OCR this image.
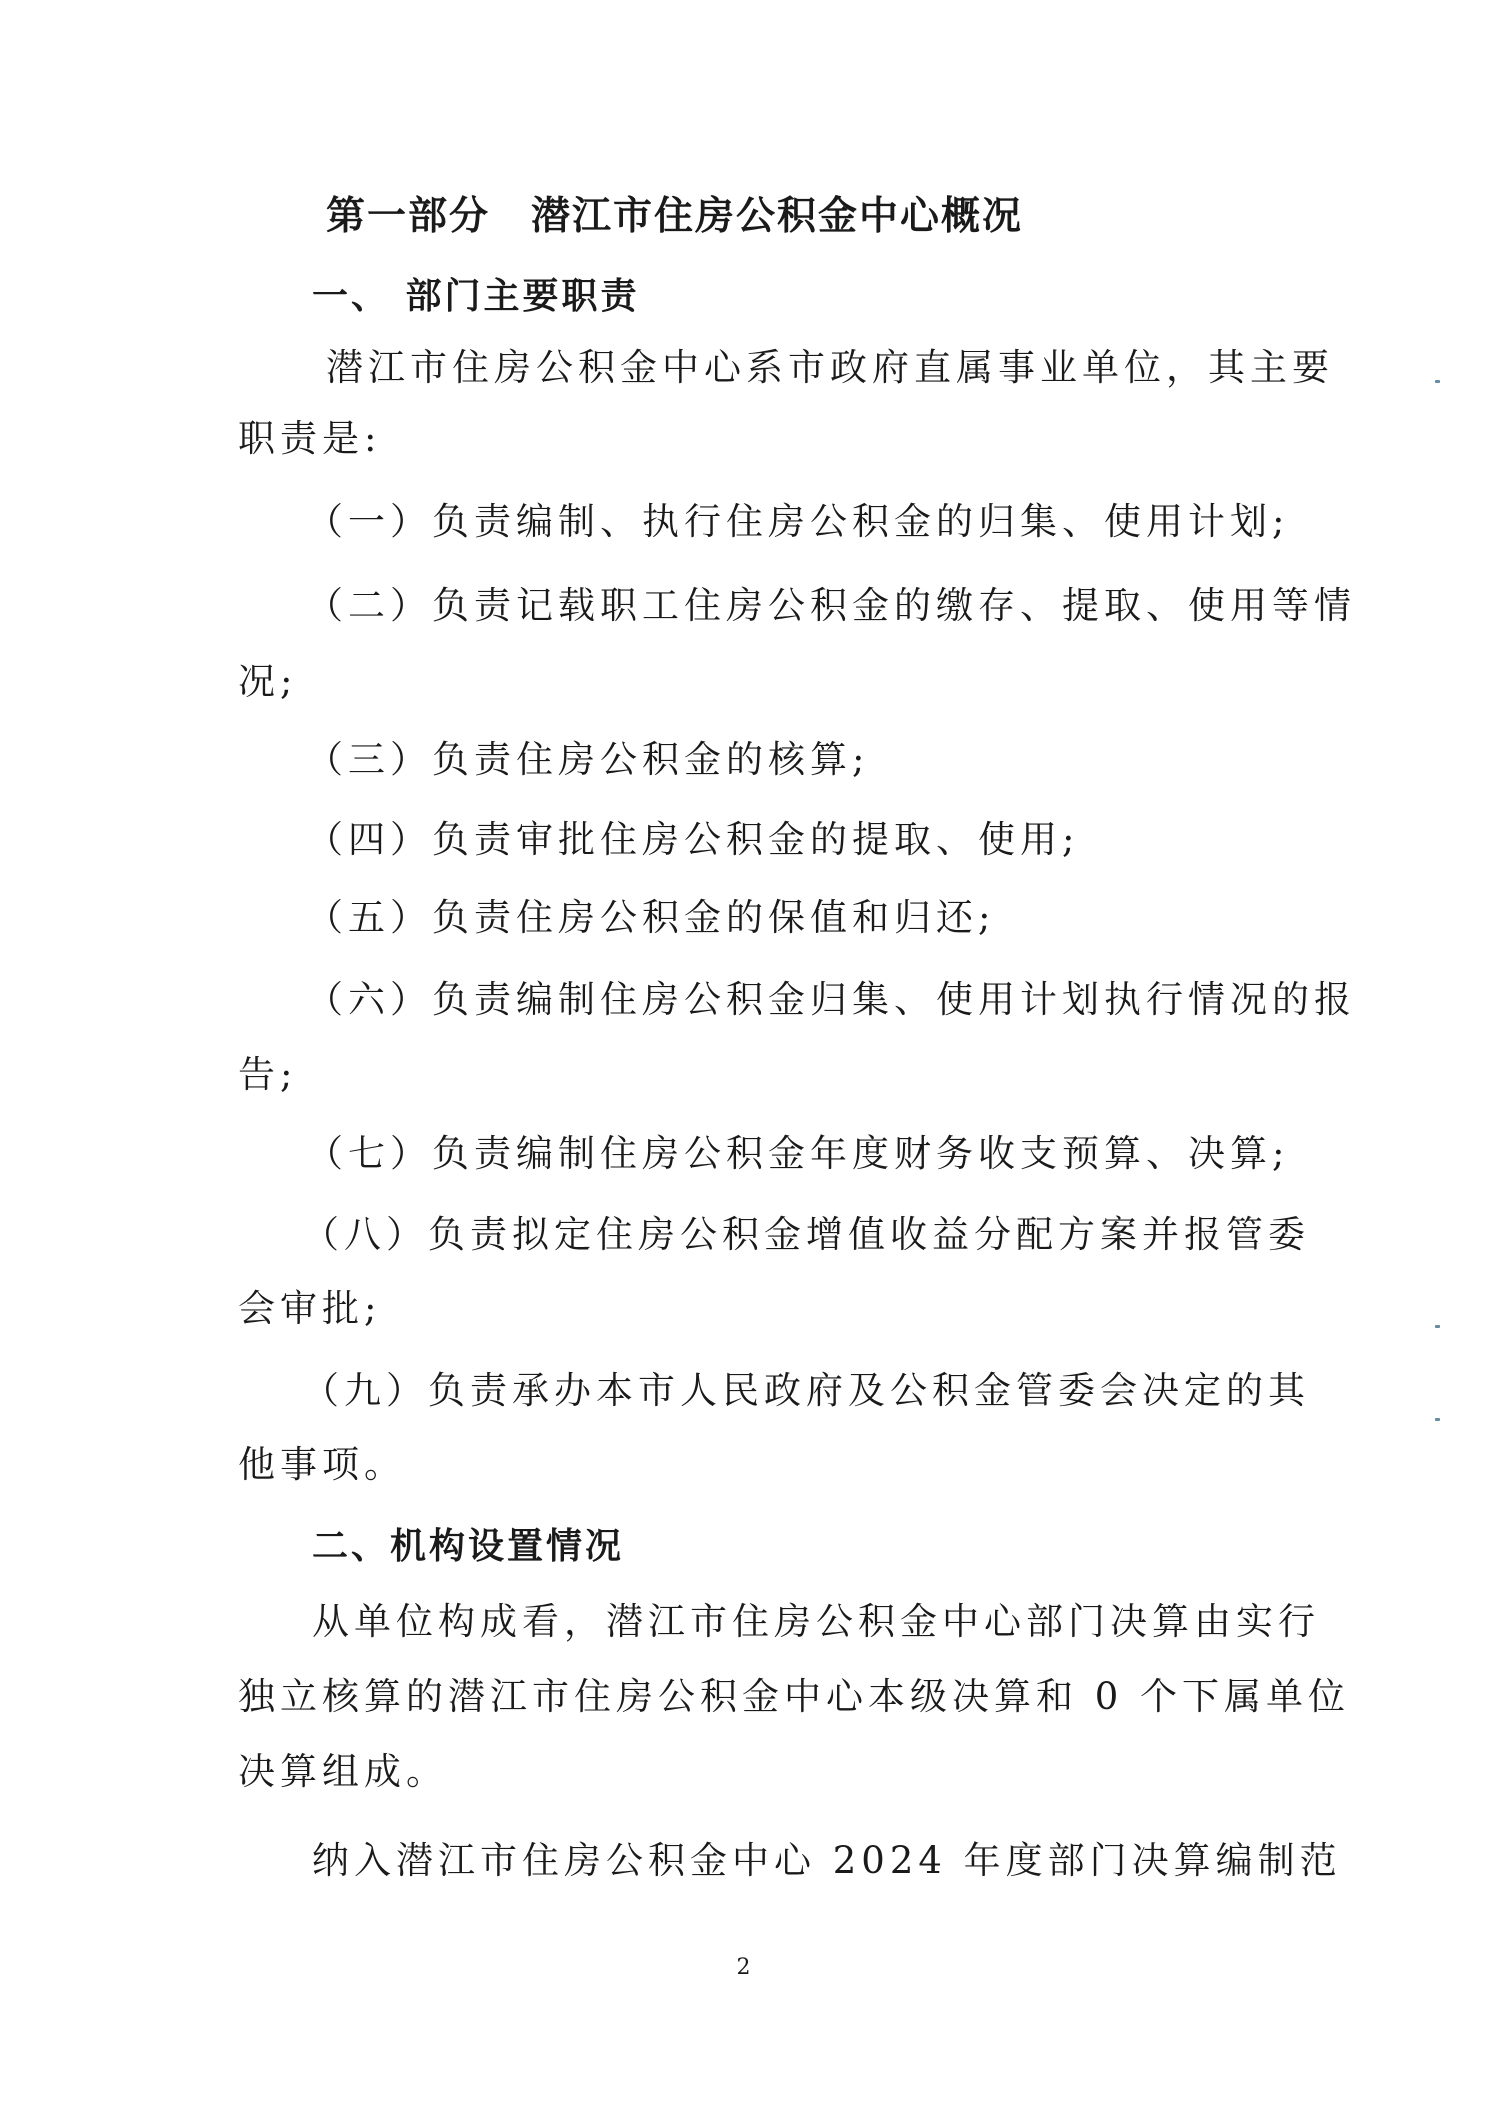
第一部分　潜江市住房公积金中心概况
一、 部门主要职责
潜江市住房公积金中心系市政府直属事业单位，其主要
职责是:
（一）负责编制、执行住房公积金的归集、使用计划;
（二）负责记载职工住房公积金的缴存、提取、使用等情
况;
（三）负责住房公积金的核算;
（四）负责审批住房公积金的提取、使用;
（五）负责住房公积金的保值和归还;
（六）负责编制住房公积金归集、使用计划执行情况的报
告;
（七）负责编制住房公积金年度财务收支预算、决算;
（八）负责拟定住房公积金增值收益分配方案并报管委
会审批;
（九）负责承办本市人民政府及公积金管委会决定的其
他事项。
二、机构设置情况
从单位构成看，潜江市住房公积金中心部门决算由实行
独立核算的潜江市住房公积金中心本级决算和 0 个下属单位
决算组成。
纳入潜江市住房公积金中心 2024 年度部门决算编制范
2
